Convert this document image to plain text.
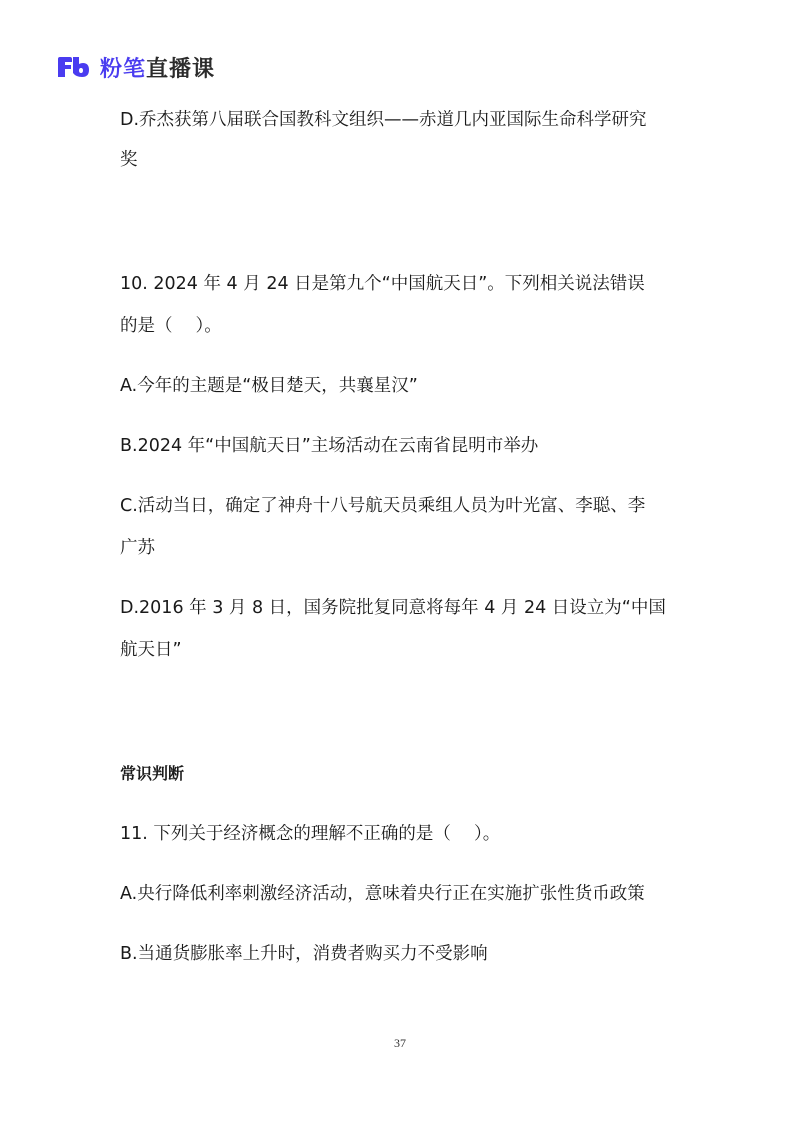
粉笔 直播课
D.乔杰获第八届联合国教科文组织——赤道几内亚国际生命科学研究
奖
10. 2024 年 4 月 24 日是第九个“中国航天日”。下列相关说法错误
的是（　 ）。
A.今年的主题是“极目楚天，共襄星汉”
B.2024 年“中国航天日”主场活动在云南省昆明市举办
C.活动当日，确定了神舟十八号航天员乘组人员为叶光富、李聪、李
广苏
D.2016 年 3 月 8 日，国务院批复同意将每年 4 月 24 日设立为“中国
航天日”
常识判断
11. 下列关于经济概念的理解不正确的是（　 ）。
A.央行降低利率刺激经济活动，意味着央行正在实施扩张性货币政策
B.当通货膨胀率上升时，消费者购买力不受影响
37
